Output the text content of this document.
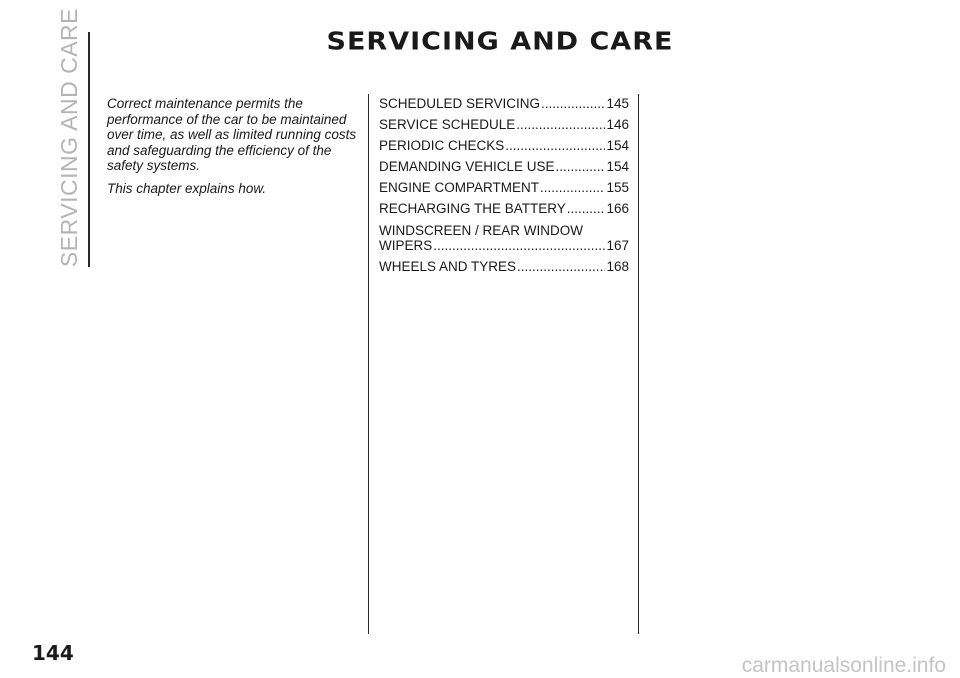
SERVICING AND CARE	SERVICING AND CARE

Correct maintenance permits the performance of the car to be maintained over time, as well as limited running costs and safeguarding the efficiency of the safety systems.

This chapter explains how.

SCHEDULED SERVICING .....	145
SERVICE SCHEDULE .....	146
PERIODIC CHECKS .....	154
DEMANDING VEHICLE USE .....	154
ENGINE COMPARTMENT .....	155
RECHARGING THE BATTERY .....	166
WINDSCREEN / REAR WINDOW
WIPERS .....	167
WHEELS AND TYRES .....	168
144
carmanualsonline.info
